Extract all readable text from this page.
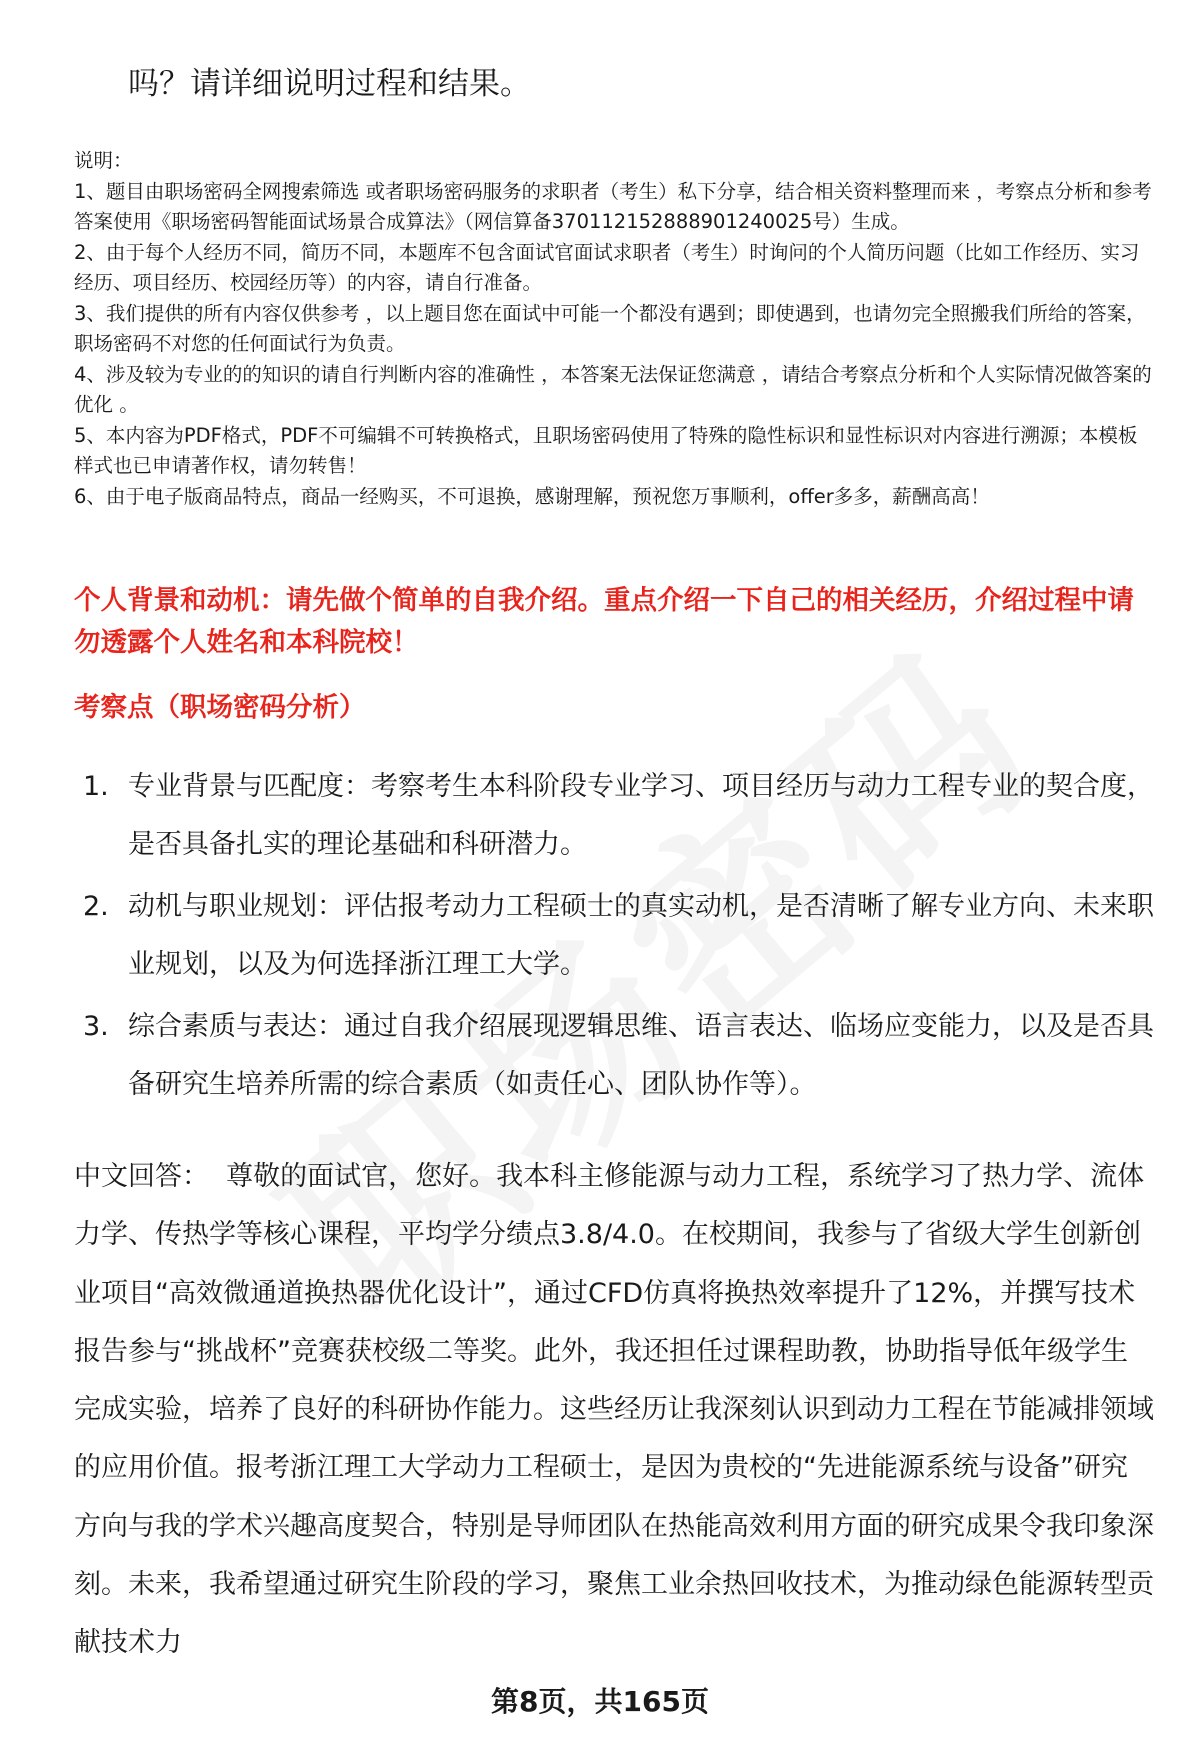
吗？请详细说明过程和结果。

说明：

1、题目由职场密码全网搜索筛选 或者职场密码服务的求职者（考生）私下分享，结合相关资料整理而来 ，考察点分析和参考答案使用《职场密码智能面试场景合成算法》（网信算备370112152888901240025号）生成。

2、由于每个人经历不同，简历不同，本题库不包含面试官面试求职者（考生）时询问的个人简历问题（比如工作经历、实习经历、项目经历、校园经历等）的内容，请自行准备。

3、我们提供的所有内容仅供参考 ，以上题目您在面试中可能一个都没有遇到；即使遇到，也请勿完全照搬我们所给的答案，职场密码不对您的任何面试行为负责。

4、涉及较为专业的的知识的请自行判断内容的准确性 ，本答案无法保证您满意 ，请结合考察点分析和个人实际情况做答案的优化 。

5、本内容为PDF格式，PDF不可编辑不可转换格式，且职场密码使用了特殊的隐性标识和显性标识对内容进行溯源；本模板样式也已申请著作权，请勿转售！

6、由于电子版商品特点，商品一经购买，不可退换，感谢理解，预祝您万事顺利，offer多多，薪酬高高！

个人背景和动机：请先做个简单的自我介绍。重点介绍一下自己的相关经历，介绍过程中请勿透露个人姓名和本科院校！
考察点（职场密码分析）
1. 专业背景与匹配度：考察考生本科阶段专业学习、项目经历与动力工程专业的契合度，是否具备扎实的理论基础和科研潜力。
2. 动机与职业规划：评估报考动力工程硕士的真实动机，是否清晰了解专业方向、未来职业规划，以及为何选择浙江理工大学。
3. 综合素质与表达：通过自我介绍展现逻辑思维、语言表达、临场应变能力，以及是否具备研究生培养所需的综合素质（如责任心、团队协作等）。

中文回答： 尊敬的面试官，您好。我本科主修能源与动力工程，系统学习了热力学、流体力学、传热学等核心课程，平均学分绩点3.8/4.0。在校期间，我参与了省级大学生创新创业项目“高效微通道换热器优化设计”，通过CFD仿真将换热效率提升了12%，并撰写技术报告参与“挑战杯”竞赛获校级二等奖。此外，我还担任过课程助教，协助指导低年级学生完成实验，培养了良好的科研协作能力。这些经历让我深刻认识到动力工程在节能减排领域的应用价值。报考浙江理工大学动力工程硕士，是因为贵校的“先进能源系统与设备”研究方向与我的学术兴趣高度契合，特别是导师团队在热能高效利用方面的研究成果令我印象深刻。未来，我希望通过研究生阶段的学习，聚焦工业余热回收技术，为推动绿色能源转型贡献技术力

第8页，共165页
